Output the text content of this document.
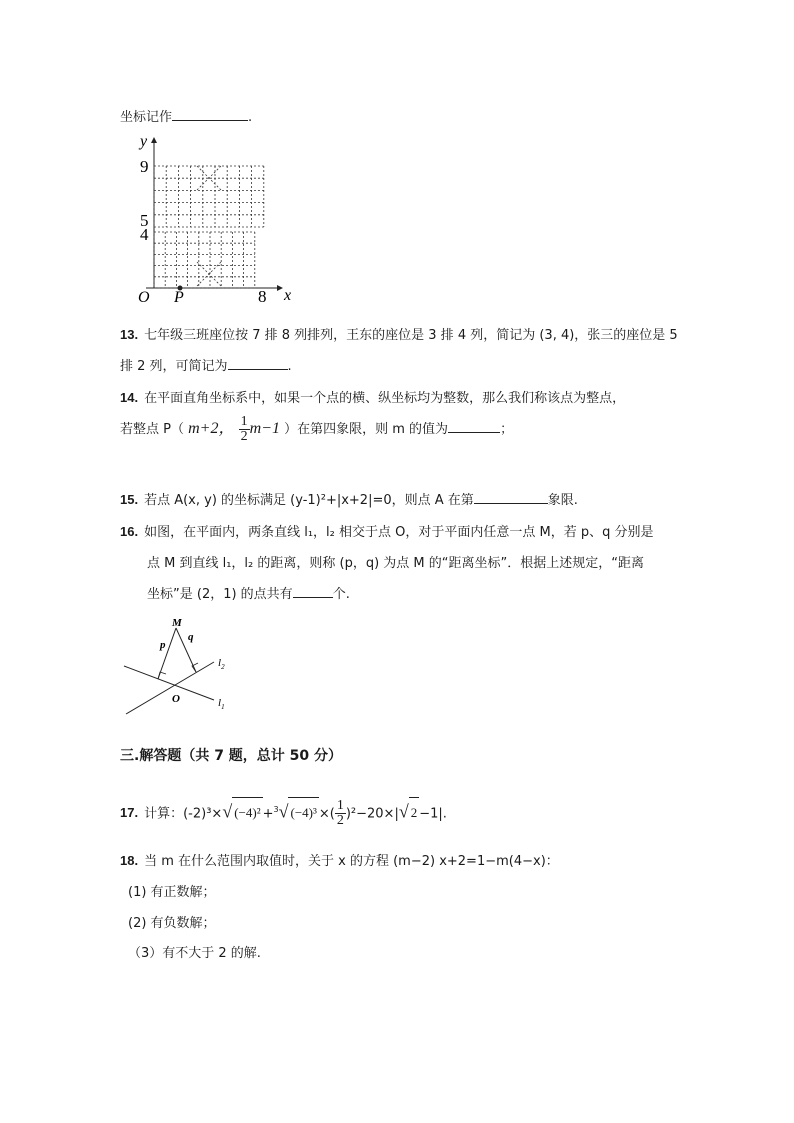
坐标记作	.
y
x
O P
9
5
4
8
13. 七年级三班座位按 7 排 8 列排列，王东的座位是 3 排 4 列，简记为 (3, 4)，张三的座位是 5
排 2 列，可简记为	.
14. 在平面直角坐标系中，如果一个点的横、纵坐标均为整数，那么我们称该点为整点，
若整点 P（ m+2， $\frac{1}{2} m-1$ ）在第四象限，则 m 的值为	；
15. 若点 A(x, y) 的坐标满足 (y-1)²+|x+2|=0，则点 A 在第	象限.
16. 如图，在平面内，两条直线 l₁，l₂ 相交于点 O，对于平面内任意一点 M，若 p、q 分别是
点 M 到直线 l₁，l₂ 的距离，则称 (p，q) 为点 M 的“距离坐标”．根据上述规定，“距离
坐标”是 (2，1) 的点共有	个.
M
p
q
O	$l_1$
$l_2$
三.解答题（共 7 题，总计 50 分）
17. 计算：(-2)³×√ (−4)² +$^3$√ (−4)³ ×( $\frac{1}{2} )^2-20\times|√$ 2 −1|.
18. 当 m 在什么范围内取值时，关于 x 的方程 (m−2) x+2=1−m(4−x)：
(1) 有正数解；
(2) 有负数解；
（3）有不大于 2 的解.
